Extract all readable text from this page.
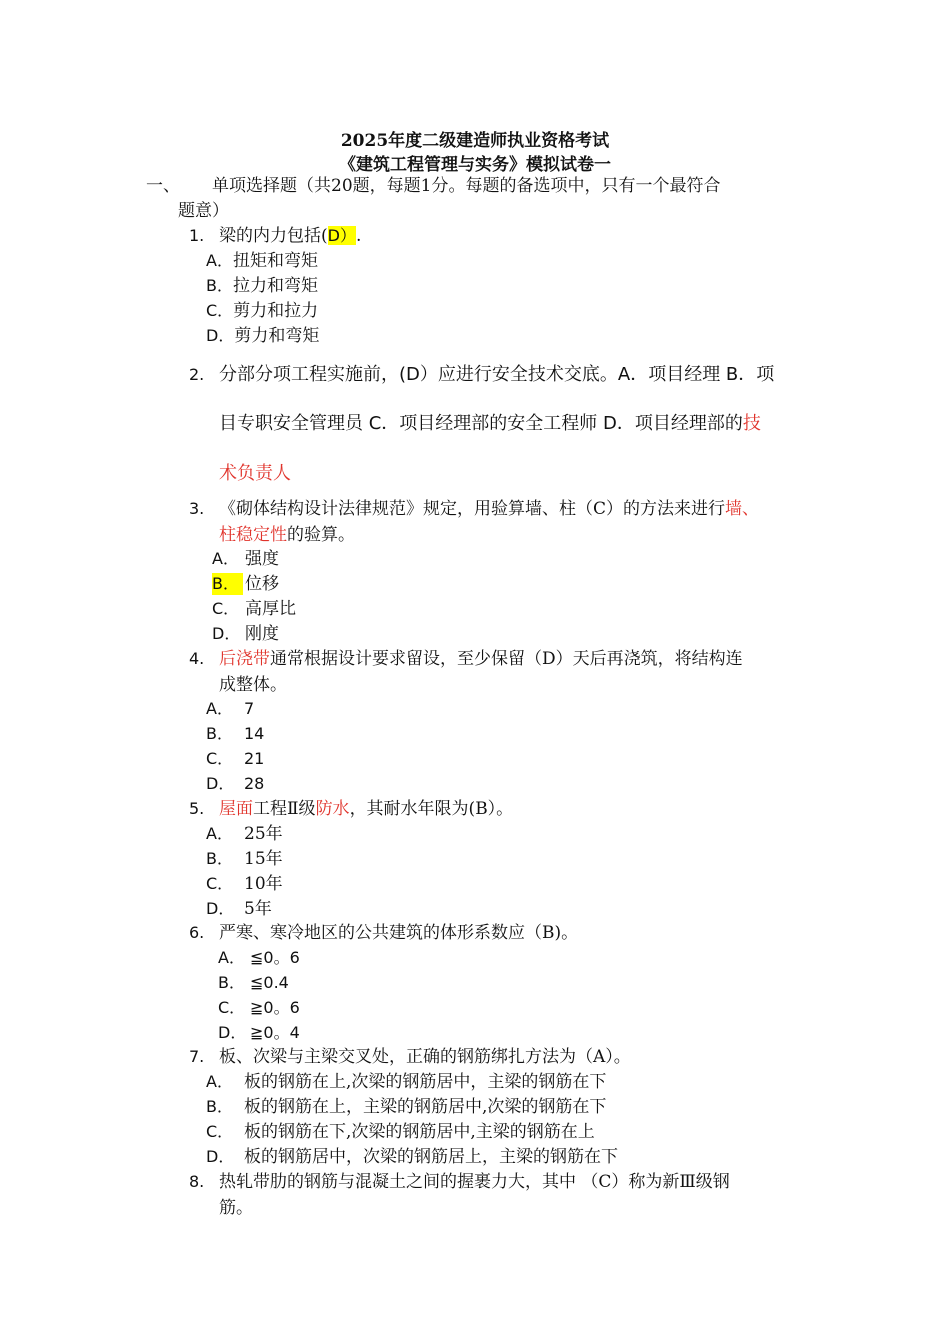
2025年度二级建造师执业资格考试
《建筑工程管理与实务》模拟试卷一
一、 单项选择题（共20题，每题1分。每题的备选项中，只有一个最符合
题意）
1. 梁的内力包括(D）.
A．扭矩和弯矩
B．拉力和弯矩
C．剪力和拉力
D．剪力和弯矩
2. 分部分项工程实施前，(D）应进行安全技术交底。A．项目经理 B．项
目专职安全管理员 C．项目经理部的安全工程师 D．项目经理部的技
术负责人
3. 《砌体结构设计法律规范》规定，用验算墙、柱（C）的方法来进行墙、
柱稳定性的验算。
A． 强度
B． 位移
C． 高厚比
D． 刚度
4. 后浇带通常根据设计要求留设，至少保留（D）天后再浇筑，将结构连
成整体。
A． 7
B． 14
C． 21
D． 28
5. 屋面工程Ⅱ级防水，其耐水年限为(B）。
A． 25年
B． 15年
C． 10年
D． 5年
6. 严寒、寒冷地区的公共建筑的体形系数应（B)。
A． ≦0。6
B． ≦0.4
C． ≧0。6
D． ≧0。4
7. 板、次梁与主梁交叉处，正确的钢筋绑扎方法为（A）。
A． 板的钢筋在上,次梁的钢筋居中，主梁的钢筋在下
B． 板的钢筋在上，主梁的钢筋居中,次梁的钢筋在下
C． 板的钢筋在下,次梁的钢筋居中,主梁的钢筋在上
D． 板的钢筋居中，次梁的钢筋居上，主梁的钢筋在下
8. 热轧带肋的钢筋与混凝土之间的握裹力大，其中 （C）称为新Ⅲ级钢
筋。
